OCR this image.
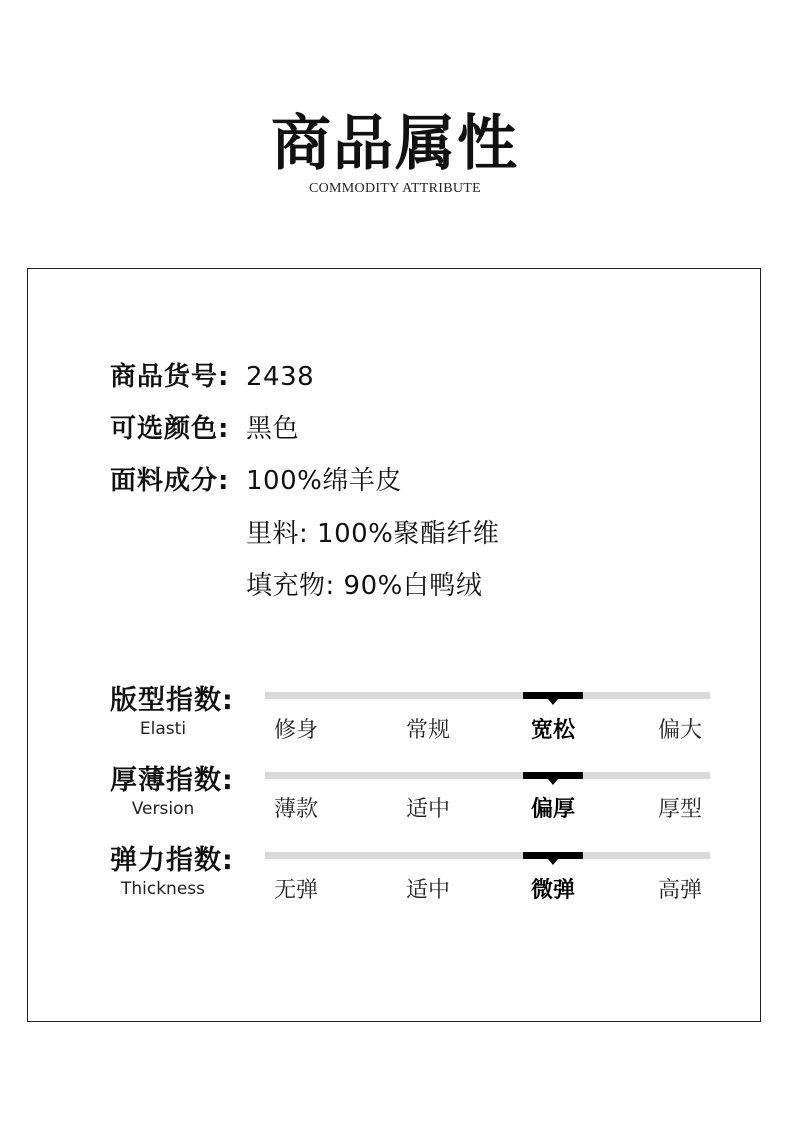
商品属性
COMMODITY ATTRIBUTE
商品货号: 2438
可选颜色: 黑色
面料成分: 100%绵羊皮
里料: 100%聚酯纤维
填充物: 90%白鸭绒
版型指数:
Elasti	修身	常规	宽松	偏大
厚薄指数:
Version	薄款	适中	偏厚	厚型
弹力指数:
Thickness	无弹	适中	微弹	高弹
